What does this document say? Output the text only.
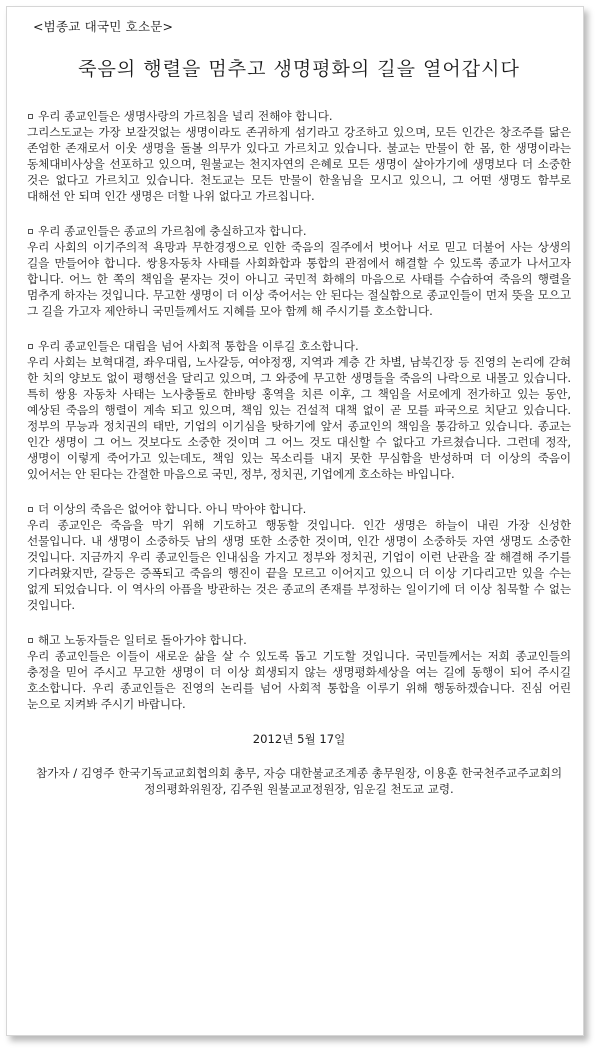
<범종교 대국민 호소문>

죽음의 행렬을 멈추고 생명평화의 길을 열어갑시다

우리 종교인들은 생명사랑의 가르침을 널리 전해야 합니다.

그리스도교는 가장 보잘것없는 생명이라도 존귀하게 섬기라고 강조하고 있으며, 모든 인간은 창조주를 닮은 존엄한 존재로서 이웃 생명을 돌볼 의무가 있다고 가르치고 있습니다. 불교는 만물이 한 몸, 한 생명이라는 동체대비사상을 선포하고 있으며, 원불교는 천지자연의 은혜로 모든 생명이 살아가기에 생명보다 더 소중한 것은 없다고 가르치고 있습니다. 천도교는 모든 만물이 한울님을 모시고 있으니, 그 어떤 생명도 함부로 대해선 안 되며 인간 생명은 더할 나위 없다고 가르칩니다.

우리 종교인들은 종교의 가르침에 충실하고자 합니다.

우리 사회의 이기주의적 욕망과 무한경쟁으로 인한 죽음의 질주에서 벗어나 서로 믿고 더불어 사는 상생의 길을 만들어야 합니다. 쌍용자동차 사태를 사회화합과 통합의 관점에서 해결할 수 있도록 종교가 나서고자 합니다. 어느 한 쪽의 책임을 묻자는 것이 아니고 국민적 화해의 마음으로 사태를 수습하여 죽음의 행렬을 멈추게 하자는 것입니다. 무고한 생명이 더 이상 죽어서는 안 된다는 절실함으로 종교인들이 먼저 뜻을 모으고 그 길을 가고자 제안하니 국민들께서도 지혜를 모아 함께 해 주시기를 호소합니다.

우리 종교인들은 대립을 넘어 사회적 통합을 이루길 호소합니다.

우리 사회는 보혁대결, 좌우대립, 노사갈등, 여야정쟁, 지역과 계층 간 차별, 남북긴장 등 진영의 논리에 갇혀 한 치의 양보도 없이 평행선을 달리고 있으며, 그 와중에 무고한 생명들을 죽음의 나락으로 내몰고 있습니다. 특히 쌍용 자동차 사태는 노사충돌로 한바탕 홍역을 치른 이후, 그 책임을 서로에게 전가하고 있는 동안, 예상된 죽음의 행렬이 계속 되고 있으며, 책임 있는 건설적 대책 없이 곧 모를 파국으로 치닫고 있습니다. 정부의 무능과 정치권의 태만, 기업의 이기심을 탓하기에 앞서 종교인의 책임을 통감하고 있습니다. 종교는 인간 생명이 그 어느 것보다도 소중한 것이며 그 어느 것도 대신할 수 없다고 가르쳤습니다. 그런데 정작, 생명이 이렇게 죽어가고 있는데도, 책임 있는 목소리를 내지 못한 무심함을 반성하며 더 이상의 죽음이 있어서는 안 된다는 간절한 마음으로 국민, 정부, 정치권, 기업에게 호소하는 바입니다.

더 이상의 죽음은 없어야 합니다. 아니 막아야 합니다.

우리 종교인은 죽음을 막기 위해 기도하고 행동할 것입니다. 인간 생명은 하늘이 내린 가장 신성한 선물입니다. 내 생명이 소중하듯 남의 생명 또한 소중한 것이며, 인간 생명이 소중하듯 자연 생명도 소중한 것입니다. 지금까지 우리 종교인들은 인내심을 가지고 정부와 정치권, 기업이 이런 난관을 잘 해결해 주기를 기다려왔지만, 갈등은 증폭되고 죽음의 행진이 끝을 모르고 이어지고 있으니 더 이상 기다리고만 있을 수는 없게 되었습니다. 이 역사의 아픔을 방관하는 것은 종교의 존재를 부정하는 일이기에 더 이상 침묵할 수 없는 것입니다.

해고 노동자들은 일터로 돌아가야 합니다.

우리 종교인들은 이들이 새로운 삶을 살 수 있도록 돕고 기도할 것입니다. 국민들께서는 저희 종교인들의 충정을 믿어 주시고 무고한 생명이 더 이상 희생되지 않는 생명평화세상을 여는 길에 동행이 되어 주시길 호소합니다. 우리 종교인들은 진영의 논리를 넘어 사회적 통합을 이루기 위해 행동하겠습니다. 진심 어린 눈으로 지켜봐 주시기 바랍니다.

2012년 5월 17일

참가자 / 김영주 한국기독교교회협의회 총무, 자승 대한불교조계종 총무원장, 이용훈 한국천주교주교회의 정의평화위원장, 김주원 원불교교정원장, 임운길 천도교 교령.
